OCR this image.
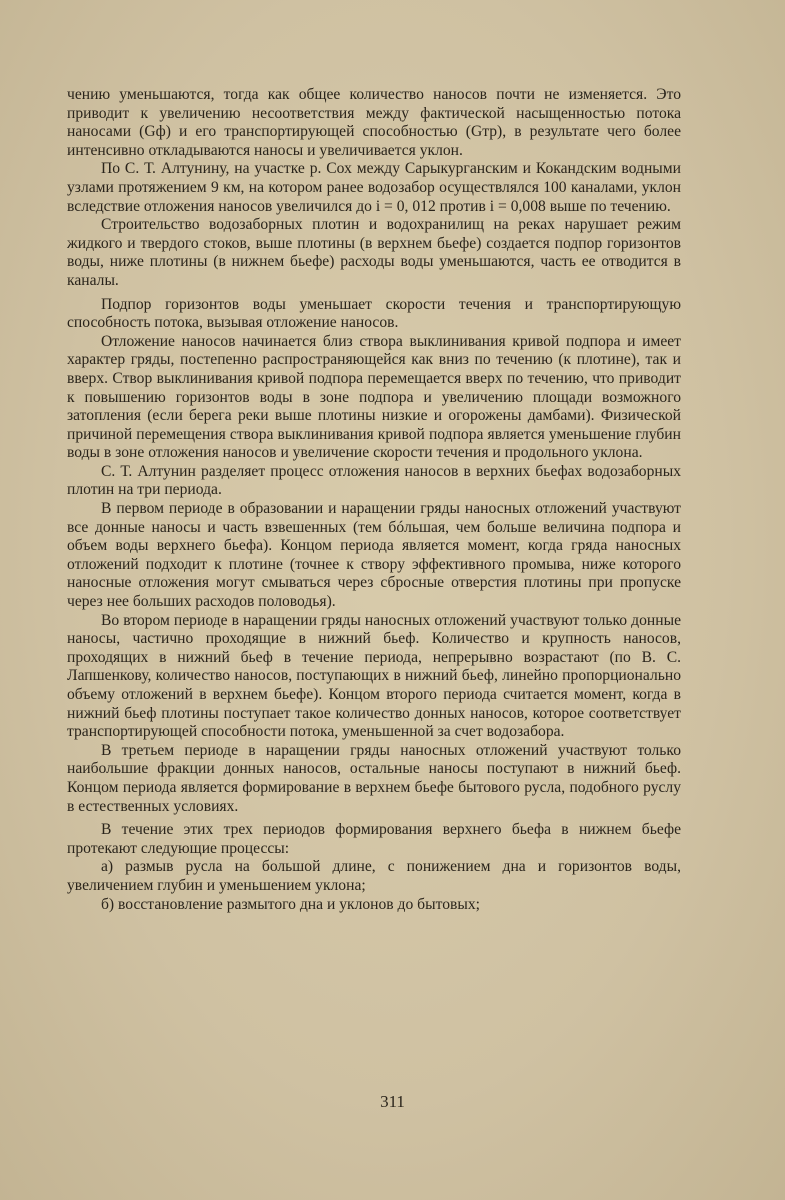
чению уменьшаются, тогда как общее количество наносов почти не изменяется. Это приводит к увеличению несоответствия между фактической насыщенностью потока наносами (Gф) и его транспортирующей способностью (Gтр), в результате чего более интенсивно откладываются наносы и увеличивается уклон.

По С. Т. Алтунину, на участке р. Сох между Сарыкурганским и Кокандским водными узлами протяжением 9 км, на котором ранее водозабор осуществлялся 100 каналами, уклон вследствие отложения наносов увеличился до i = 0, 012 против i = 0,008 выше по течению.

Строительство водозаборных плотин и водохранилищ на реках нарушает режим жидкого и твердого стоков, выше плотины (в верхнем бьефе) создается подпор горизонтов воды, ниже плотины (в нижнем бьефе) расходы воды уменьшаются, часть ее отводится в каналы.

Подпор горизонтов воды уменьшает скорости течения и транспортирующую способность потока, вызывая отложение наносов.

Отложение наносов начинается близ створа выклинивания кривой подпора и имеет характер гряды, постепенно распространяющейся как вниз по течению (к плотине), так и вверх. Створ выклинивания кривой подпора перемещается вверх по течению, что приводит к повышению горизонтов воды в зоне подпора и увеличению площади возможного затопления (если берега реки выше плотины низкие и огорожены дамбами). Физической причиной перемещения створа выклинивания кривой подпора является уменьшение глубин воды в зоне отложения наносов и увеличение скорости течения и продольного уклона.

С. Т. Алтунин разделяет процесс отложения наносов в верхних бьефах водозаборных плотин на три периода.

В первом периоде в образовании и наращении гряды наносных отложений участвуют все донные наносы и часть взвешенных (тем бóльшая, чем больше величина подпора и объем воды верхнего бьефа). Концом периода является момент, когда гряда наносных отложений подходит к плотине (точнее к створу эффективного промыва, ниже которого наносные отложения могут смываться через сбросные отверстия плотины при пропуске через нее больших расходов половодья).

Во втором периоде в наращении гряды наносных отложений участвуют только донные наносы, частично проходящие в нижний бьеф. Количество и крупность наносов, проходящих в нижний бьеф в течение периода, непрерывно возрастают (по В. С. Лапшенкову, количество наносов, поступающих в нижний бьеф, линейно пропорционально объему отложений в верхнем бьефе). Концом второго периода считается момент, когда в нижний бьеф плотины поступает такое количество донных наносов, которое соответствует транспортирующей способности потока, уменьшенной за счет водозабора.

В третьем периоде в наращении гряды наносных отложений участвуют только наибольшие фракции донных наносов, остальные наносы поступают в нижний бьеф. Концом периода является формирование в верхнем бьефе бытового русла, подобного руслу в естественных условиях.

В течение этих трех периодов формирования верхнего бьефа в нижнем бьефе протекают следующие процессы:

а) размыв русла на большой длине, с понижением дна и горизонтов воды, увеличением глубин и уменьшением уклона;

б) восстановление размытого дна и уклонов до бытовых;

311
